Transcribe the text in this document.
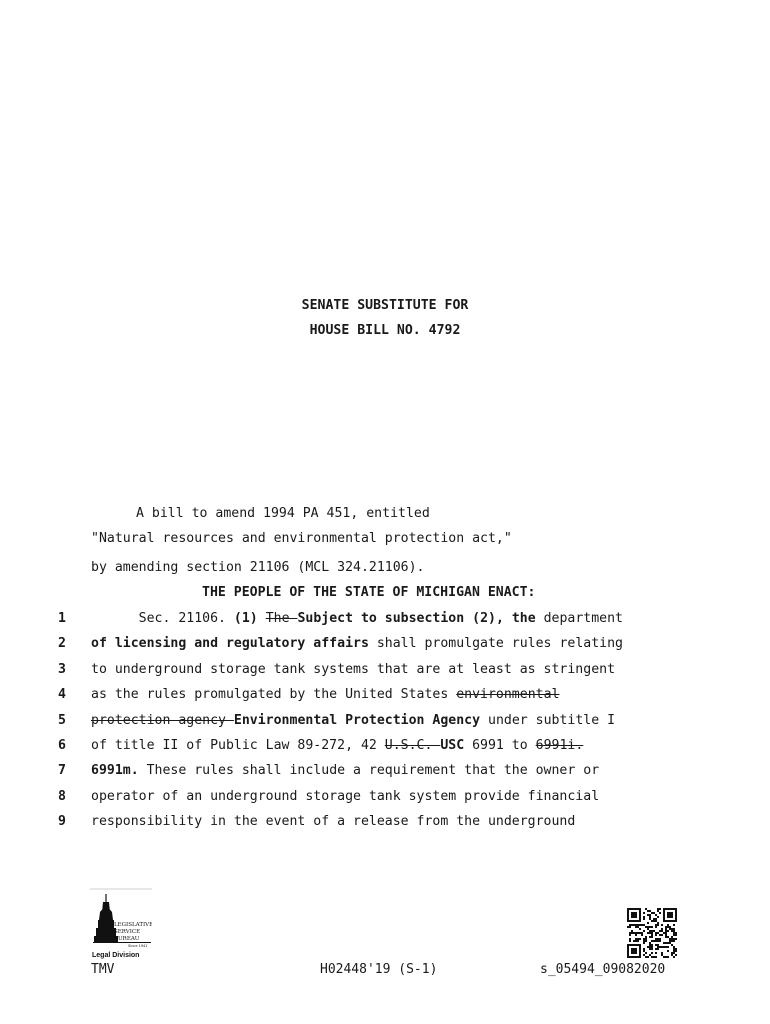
SENATE SUBSTITUTE FOR
HOUSE BILL NO. 4792
A bill to amend 1994 PA 451, entitled
"Natural resources and environmental protection act,"
by amending section 21106 (MCL 324.21106).
THE PEOPLE OF THE STATE OF MICHIGAN ENACT:
1	Sec. 21106. (1) The Subject to subsection (2), the department
2	of licensing and regulatory affairs shall promulgate rules relating
3	to underground storage tank systems that are at least as stringent
4	as the rules promulgated by the United States environmental
5	protection agency Environmental Protection Agency under subtitle I
6	of title II of Public Law 89-272, 42 U.S.C. USC 6991 to 6991i.
7	6991m. These rules shall include a requirement that the owner or
8	operator of an underground storage tank system provide financial
9	responsibility in the event of a release from the underground
LEGISLATIVE
SERVICE
BUREAU
Since 1941
Legal Division
TMV	H02448'19 (S-1)	s_05494_09082020
